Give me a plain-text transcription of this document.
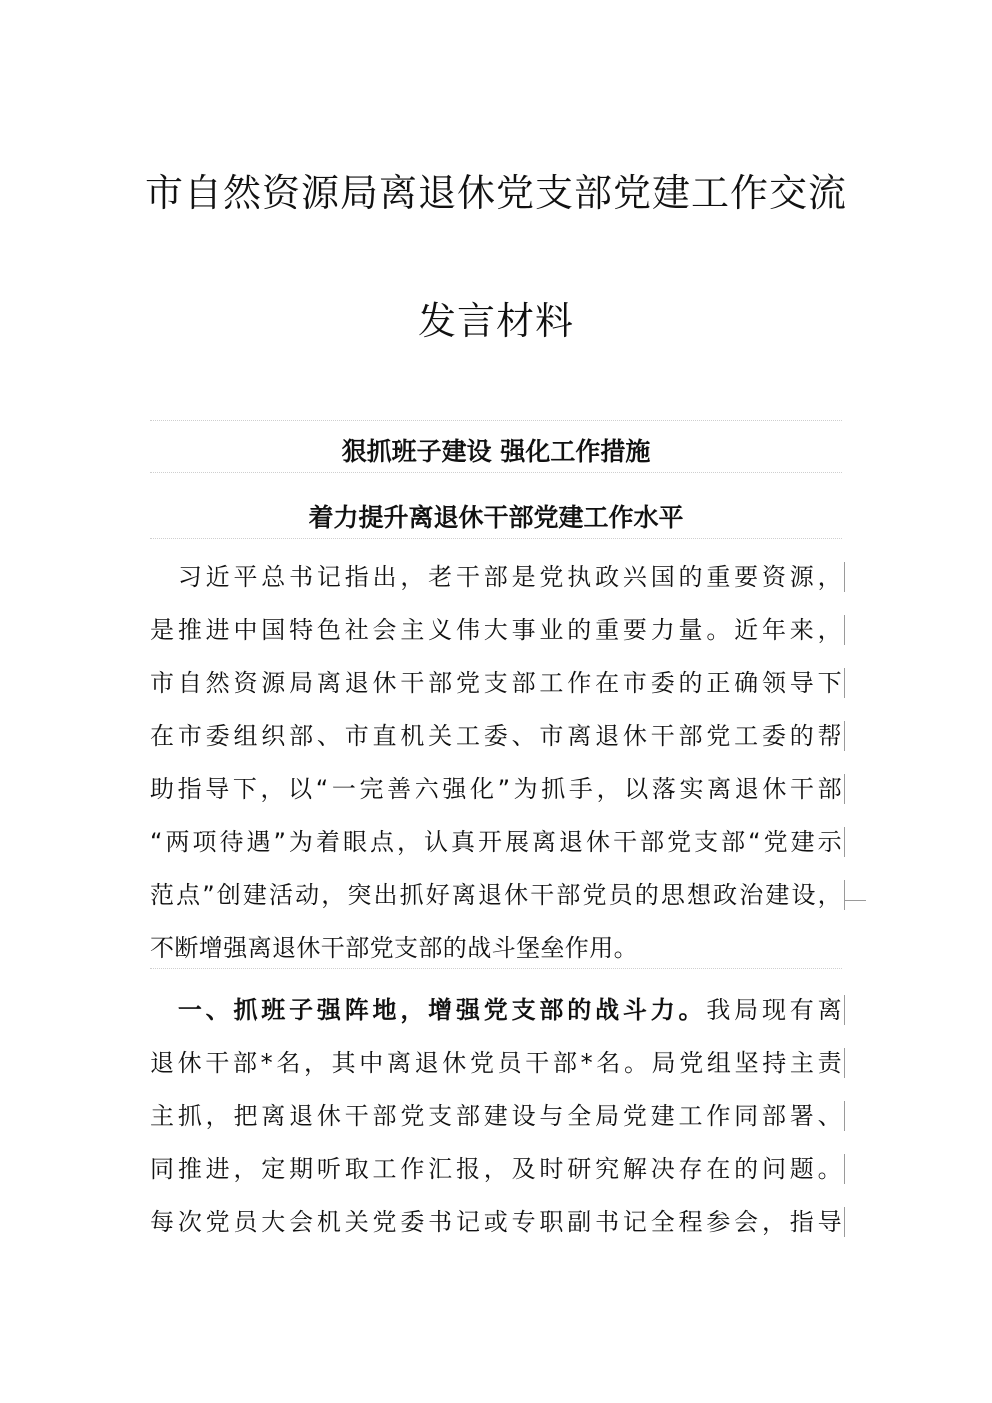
市自然资源局离退休党支部党建工作交流
发言材料
狠抓班子建设 强化工作措施
着力提升离退休干部党建工作水平
　习近平总书记指出，老干部是党执政兴国的重要资源，
是推进中国特色社会主义伟大事业的重要力量。近年来，
市自然资源局离退休干部党支部工作在市委的正确领导下
在市委组织部、市直机关工委、市离退休干部党工委的帮
助指导下，以“一完善六强化”为抓手，以落实离退休干部
“两项待遇”为着眼点，认真开展离退休干部党支部“党建示
范点”创建活动，突出抓好离退休干部党员的思想政治建设，
不断增强离退休干部党支部的战斗堡垒作用。
　一、抓班子强阵地，增强党支部的战斗力。我局现有离
退休干部*名，其中离退休党员干部*名。局党组坚持主责
主抓，把离退休干部党支部建设与全局党建工作同部署、
同推进，定期听取工作汇报，及时研究解决存在的问题。
每次党员大会机关党委书记或专职副书记全程参会，指导
